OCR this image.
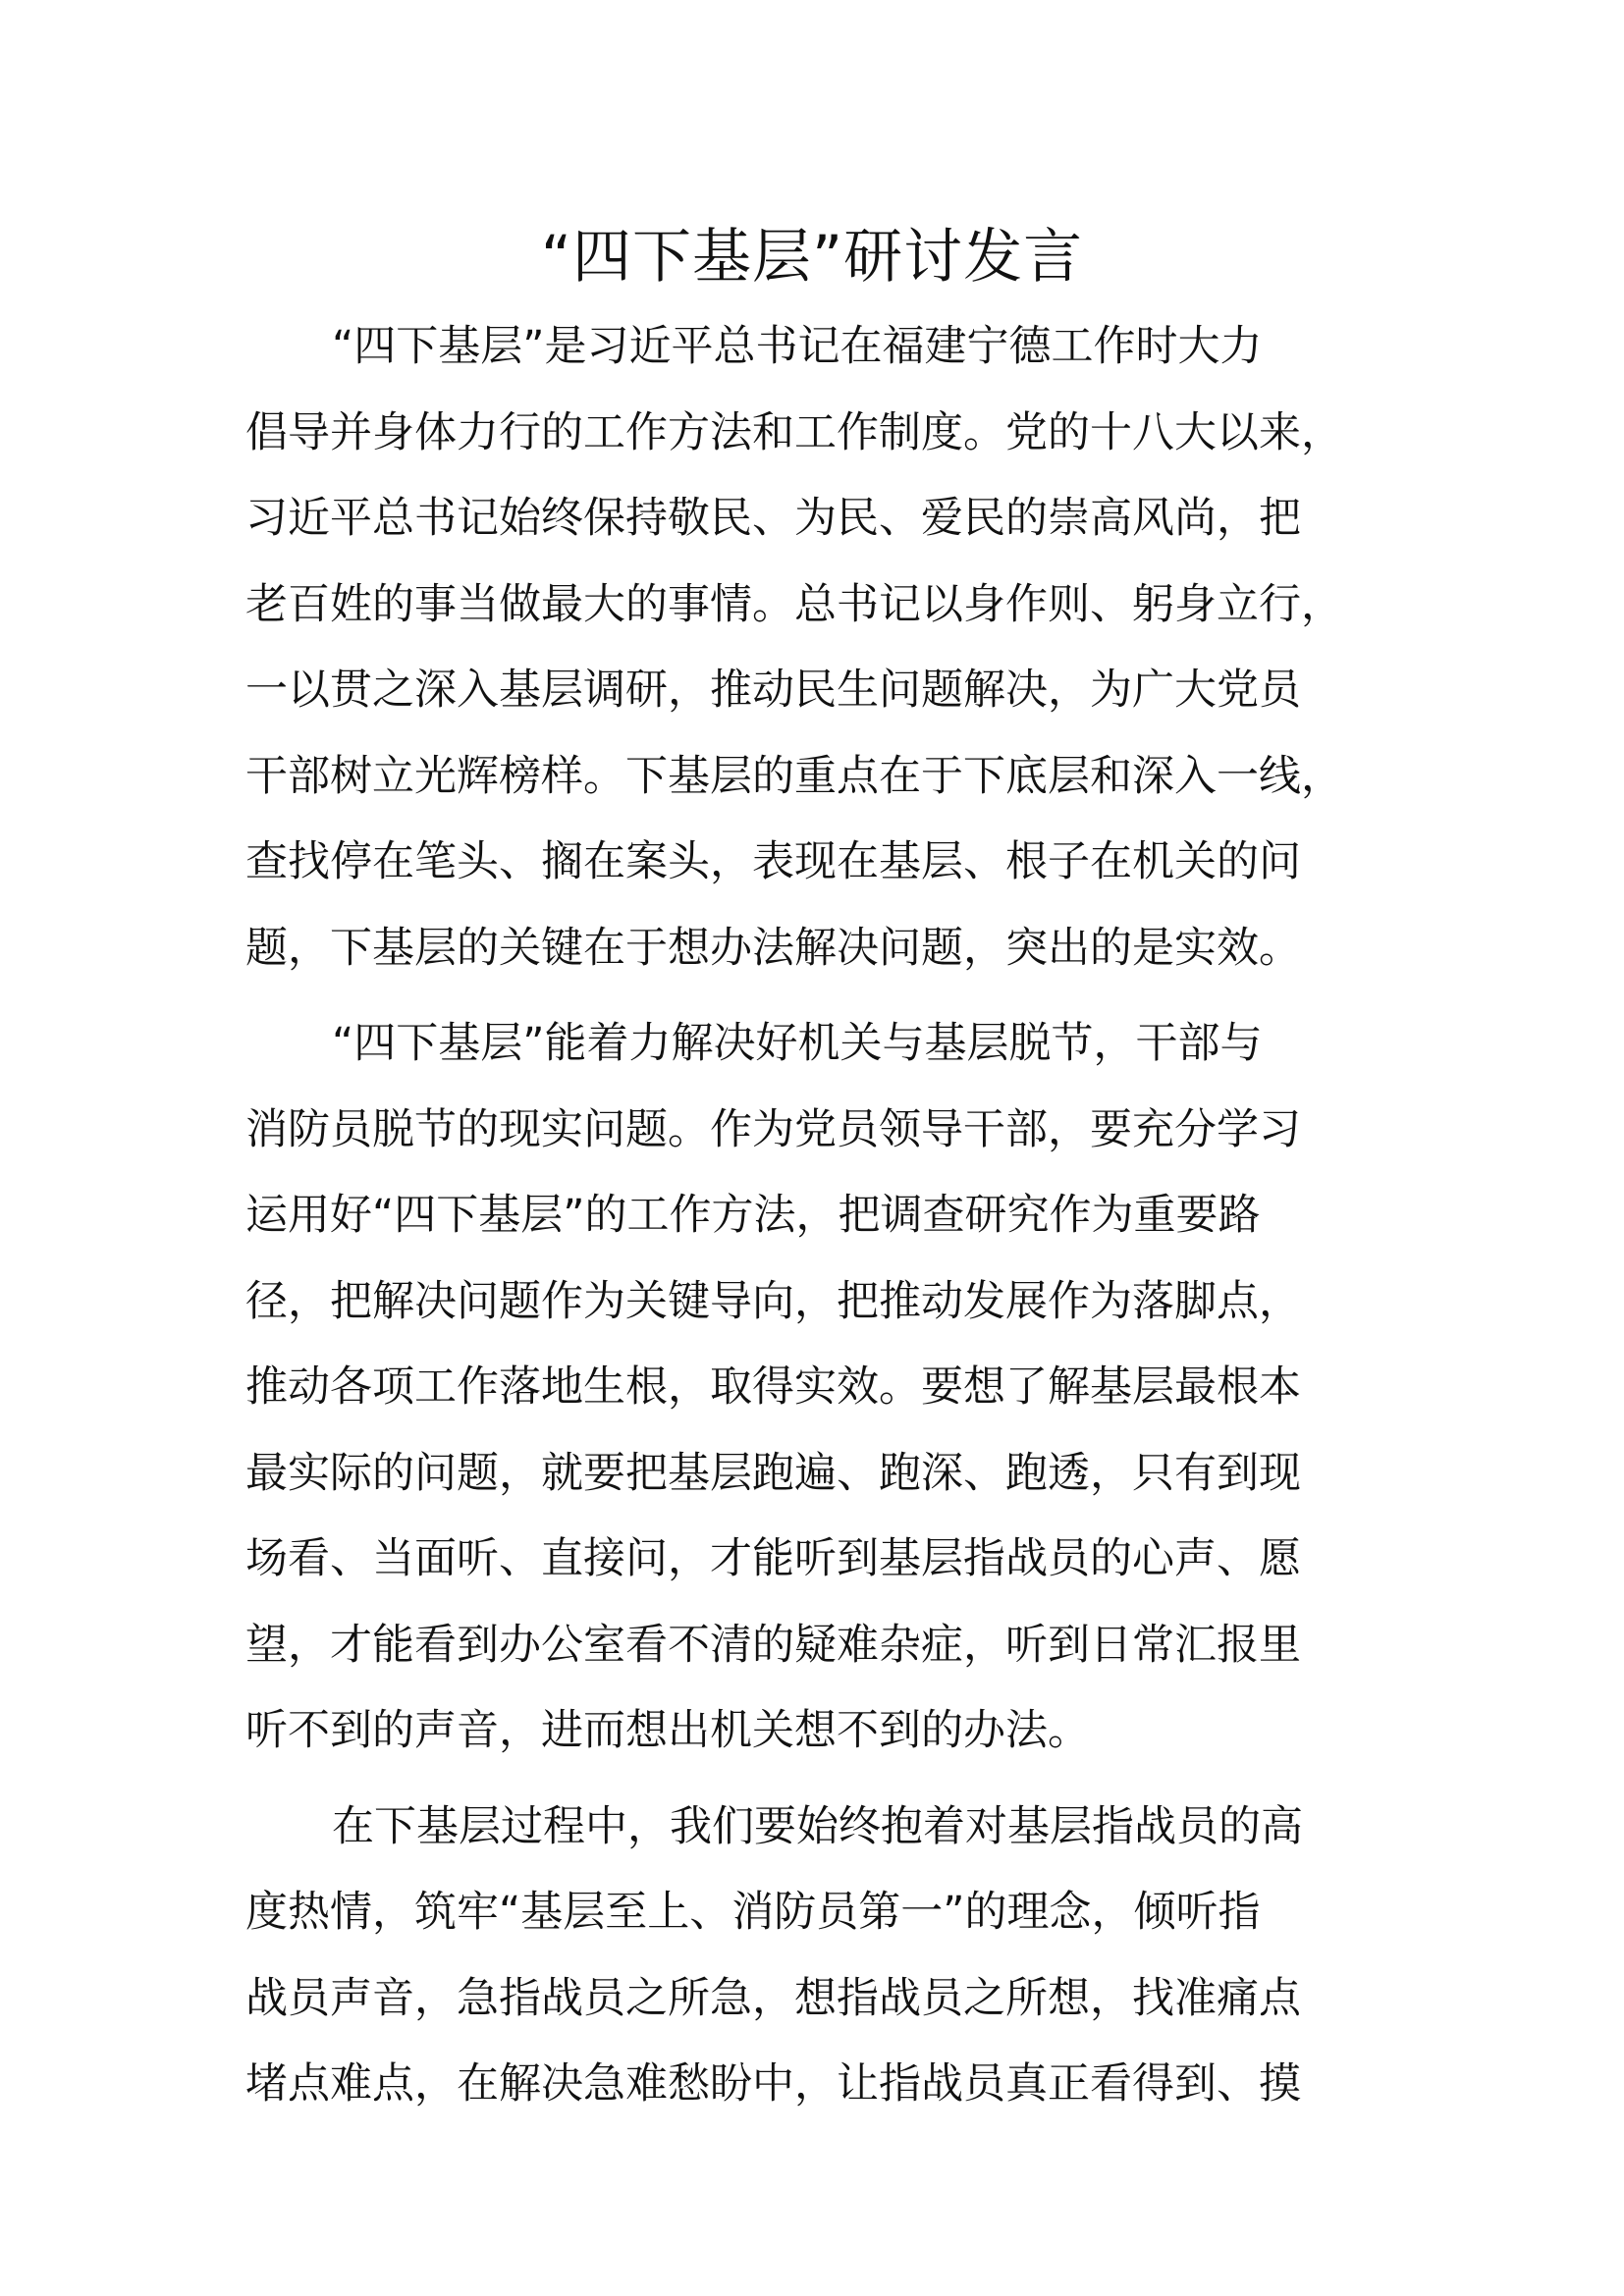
“四下基层”研讨发言
“四下基层”是习近平总书记在福建宁德工作时大力
倡导并身体力行的工作方法和工作制度。党的十八大以来，
习近平总书记始终保持敬民、为民、爱民的崇高风尚，把
老百姓的事当做最大的事情。总书记以身作则、躬身立行，
一以贯之深入基层调研，推动民生问题解决，为广大党员
干部树立光辉榜样。下基层的重点在于下底层和深入一线，
查找停在笔头、搁在案头，表现在基层、根子在机关的问
题，下基层的关键在于想办法解决问题，突出的是实效。
“四下基层”能着力解决好机关与基层脱节，干部与
消防员脱节的现实问题。作为党员领导干部，要充分学习
运用好“四下基层”的工作方法，把调查研究作为重要路
径，把解决问题作为关键导向，把推动发展作为落脚点，
推动各项工作落地生根，取得实效。要想了解基层最根本
最实际的问题，就要把基层跑遍、跑深、跑透，只有到现
场看、当面听、直接问，才能听到基层指战员的心声、愿
望，才能看到办公室看不清的疑难杂症，听到日常汇报里
听不到的声音，进而想出机关想不到的办法。
在下基层过程中，我们要始终抱着对基层指战员的高
度热情，筑牢“基层至上、消防员第一”的理念，倾听指
战员声音，急指战员之所急，想指战员之所想，找准痛点
堵点难点，在解决急难愁盼中，让指战员真正看得到、摸
